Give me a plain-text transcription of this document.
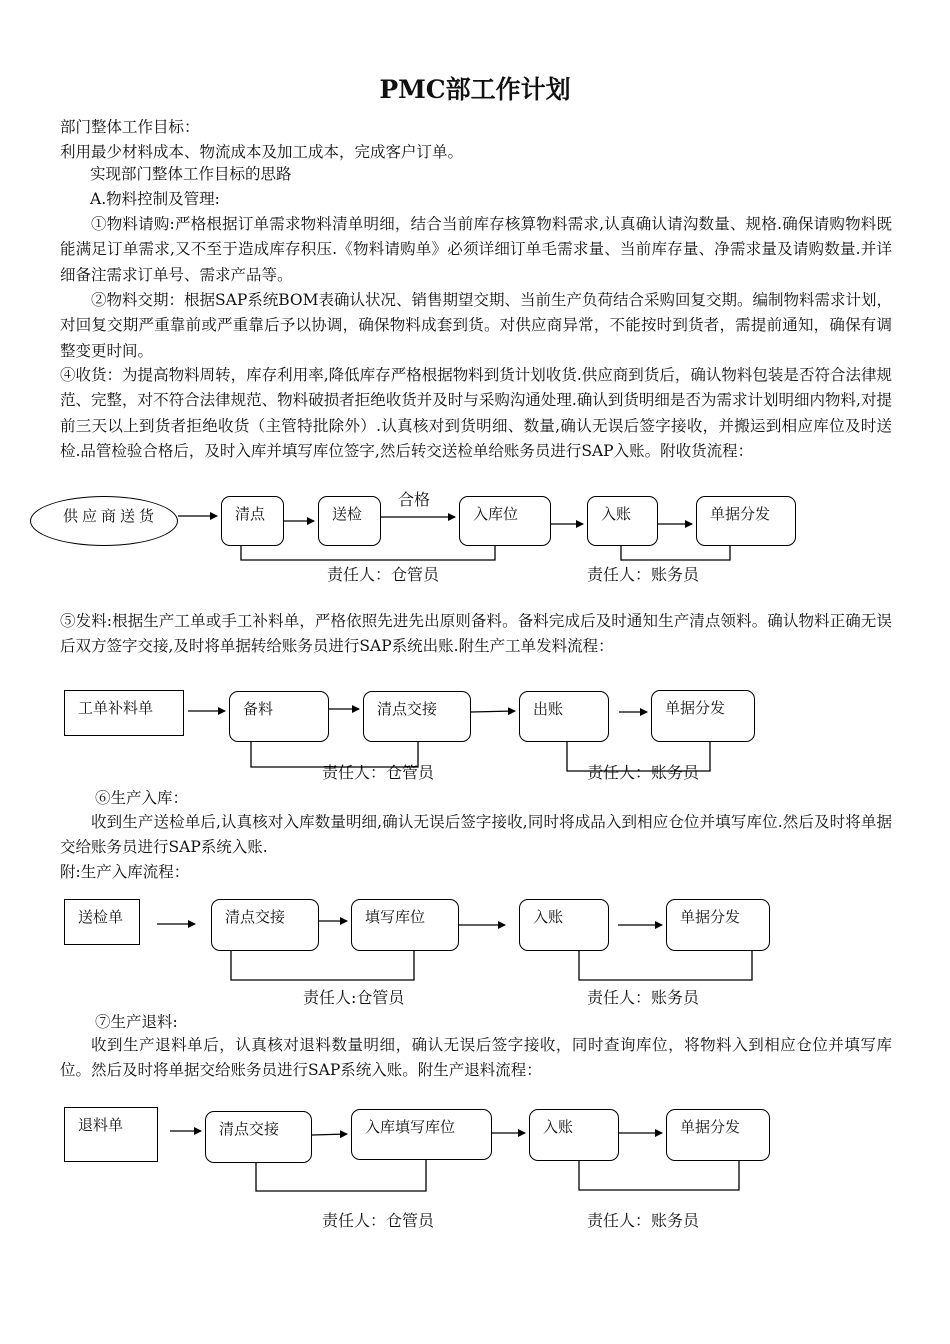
PMC部工作计划
部门整体工作目标：
利用最少材料成本、物流成本及加工成本，完成客户订单。
实现部门整体工作目标的思路
A.物料控制及管理:
①物料请购:严格根据订单需求物料清单明细，结合当前库存核算物料需求,认真确认请沟数量、规格.确保请购物料既能满足订单需求,又不至于造成库存积压.《物料请购单》必须详细订单毛需求量、当前库存量、净需求量及请购数量.并详细备注需求订单号、需求产品等。
②物料交期：根据SAP系统BOM表确认状况、销售期望交期、当前生产负荷结合采购回复交期。编制物料需求计划，对回复交期严重靠前或严重靠后予以协调，确保物料成套到货。对供应商异常，不能按时到货者，需提前通知，确保有调整变更时间。
④收货：为提高物料周转，库存利用率,降低库存严格根据物料到货计划收货.供应商到货后，确认物料包装是否符合法律规范、完整，对不符合法律规范、物料破损者拒绝收货并及时与采购沟通处理.确认到货明细是否为需求计划明细内物料,对提前三天以上到货者拒绝收货（主管特批除外）.认真核对到货明细、数量,确认无误后签字接收，并搬运到相应库位及时送检.品管检验合格后，及时入库并填写库位签字,然后转交送检单给账务员进行SAP入账。附收货流程：
供应商送货	清点	送检	入库位	入账	单据分发
合格
责任人：仓管员	责任人：账务员
⑤发料:根据生产工单或手工补料单，严格依照先进先出原则备料。备料完成后及时通知生产清点领料。确认物料正确无误后双方签字交接,及时将单据转给账务员进行SAP系统出账.附生产工单发料流程：
工单补料单	备料	清点交接	出账	单据分发
责任人：仓管员	责任人：账务员
⑥生产入库：
收到生产送检单后,认真核对入库数量明细,确认无误后签字接收,同时将成品入到相应仓位并填写库位.然后及时将单据交给账务员进行SAP系统入账.
附:生产入库流程：
送检单	清点交接	填写库位	入账	单据分发
责任人:仓管员	责任人：账务员
⑦生产退料:
收到生产退料单后，认真核对退料数量明细，确认无误后签字接收，同时查询库位，将物料入到相应仓位并填写库位。然后及时将单据交给账务员进行SAP系统入账。附生产退料流程：
退料单	清点交接	入库填写库位	入账	单据分发
责任人：仓管员	责任人：账务员
